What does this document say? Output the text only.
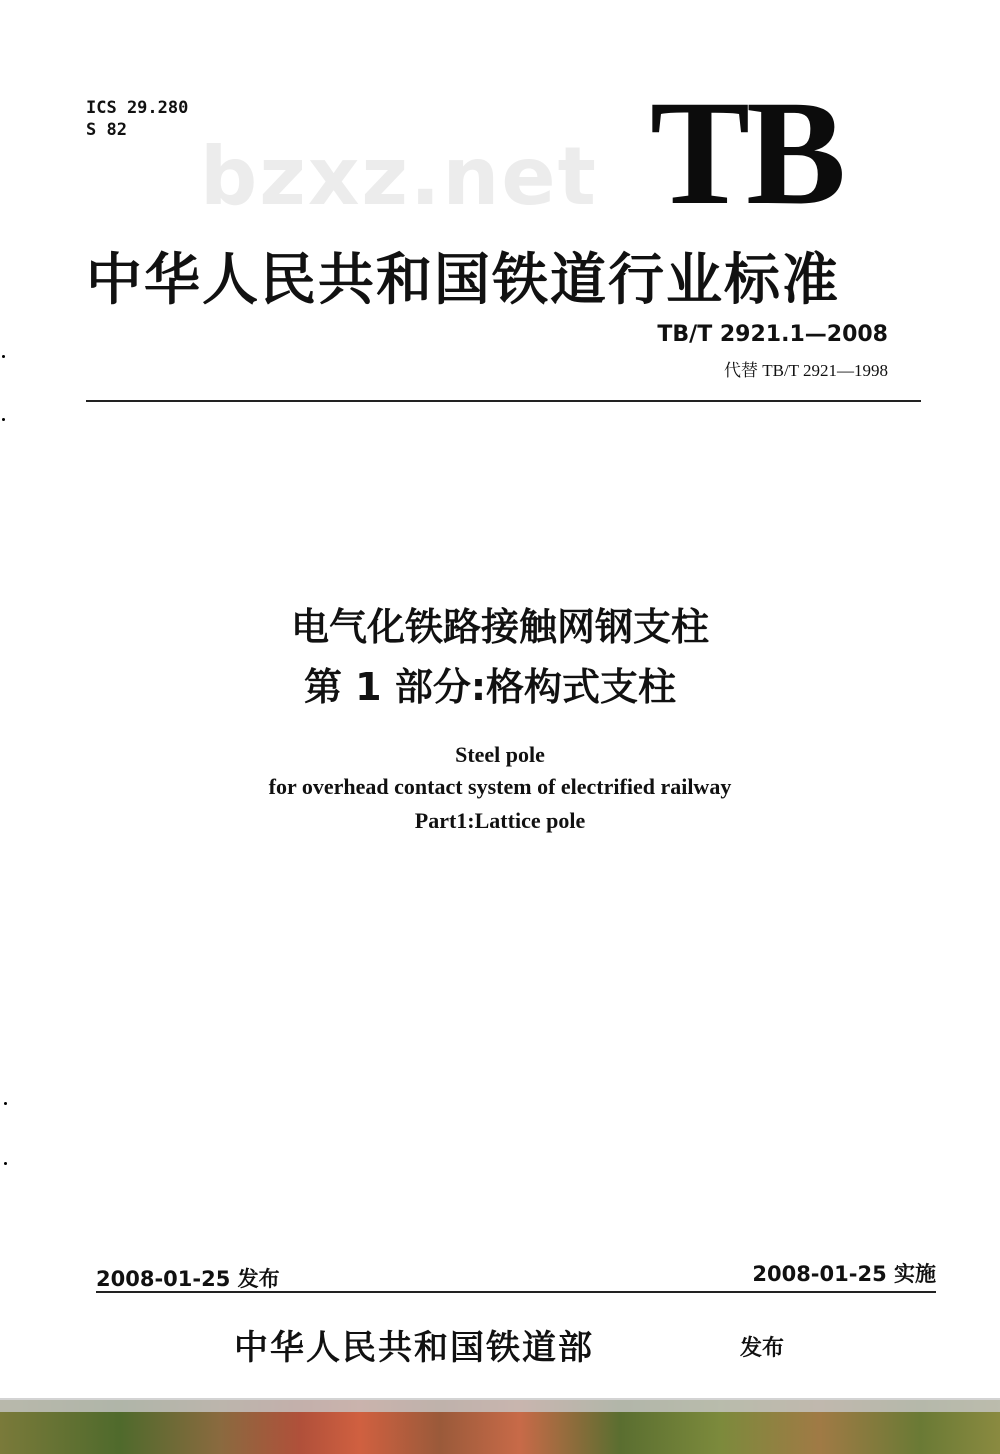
ICS 29.280
S 82 bzxz.net TB
中华人民共和国铁道行业标准
TB/T 2921.1—2008
代替 TB/T 2921—1998
电气化铁路接触网钢支柱
第 1 部分:格构式支柱
Steel pole
for overhead contact system of electrified railway
Part1:Lattice pole
2008-01-25 发布	2008-01-25 实施
中华人民共和国铁道部	发布
